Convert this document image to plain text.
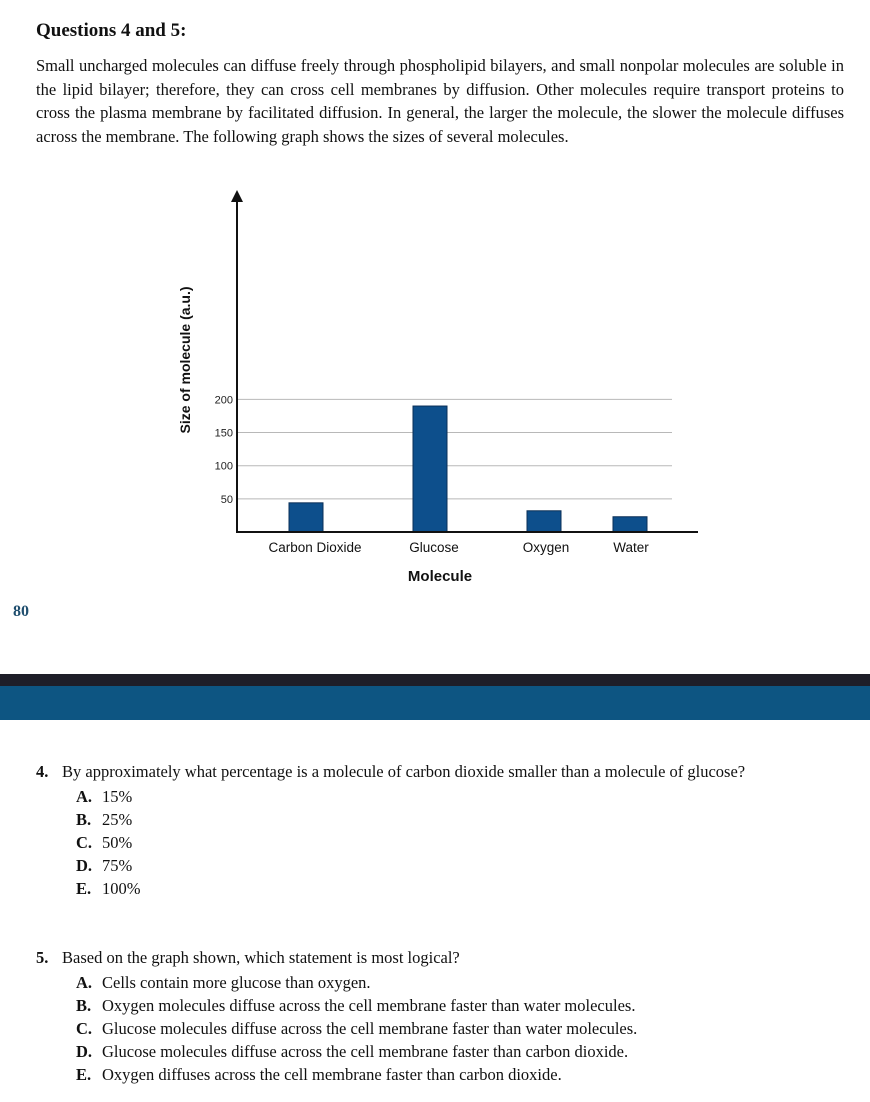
Questions 4 and 5:
Small uncharged molecules can diffuse freely through phospholipid bilayers, and small nonpolar molecules are soluble in the lipid bilayer; therefore, they can cross cell membranes by diffusion. Other molecules require transport proteins to cross the plasma membrane by facilitated diffusion. In general, the larger the molecule, the slower the molecule diffuses across the membrane. The following graph shows the sizes of several molecules.
50
100
150
200
Carbon Dioxide	Glucose	Oxygen	Water
Molecule
Size of molecule (a.u.)
80
4. By approximately what percentage is a molecule of carbon dioxide smaller than a molecule of glucose?
A. 15%
B. 25%
C. 50%
D. 75%
E. 100%
5. Based on the graph shown, which statement is most logical?
A. Cells contain more glucose than oxygen.
B. Oxygen molecules diffuse across the cell membrane faster than water molecules.
C. Glucose molecules diffuse across the cell membrane faster than water molecules.
D. Glucose molecules diffuse across the cell membrane faster than carbon dioxide.
E. Oxygen diffuses across the cell membrane faster than carbon dioxide.
